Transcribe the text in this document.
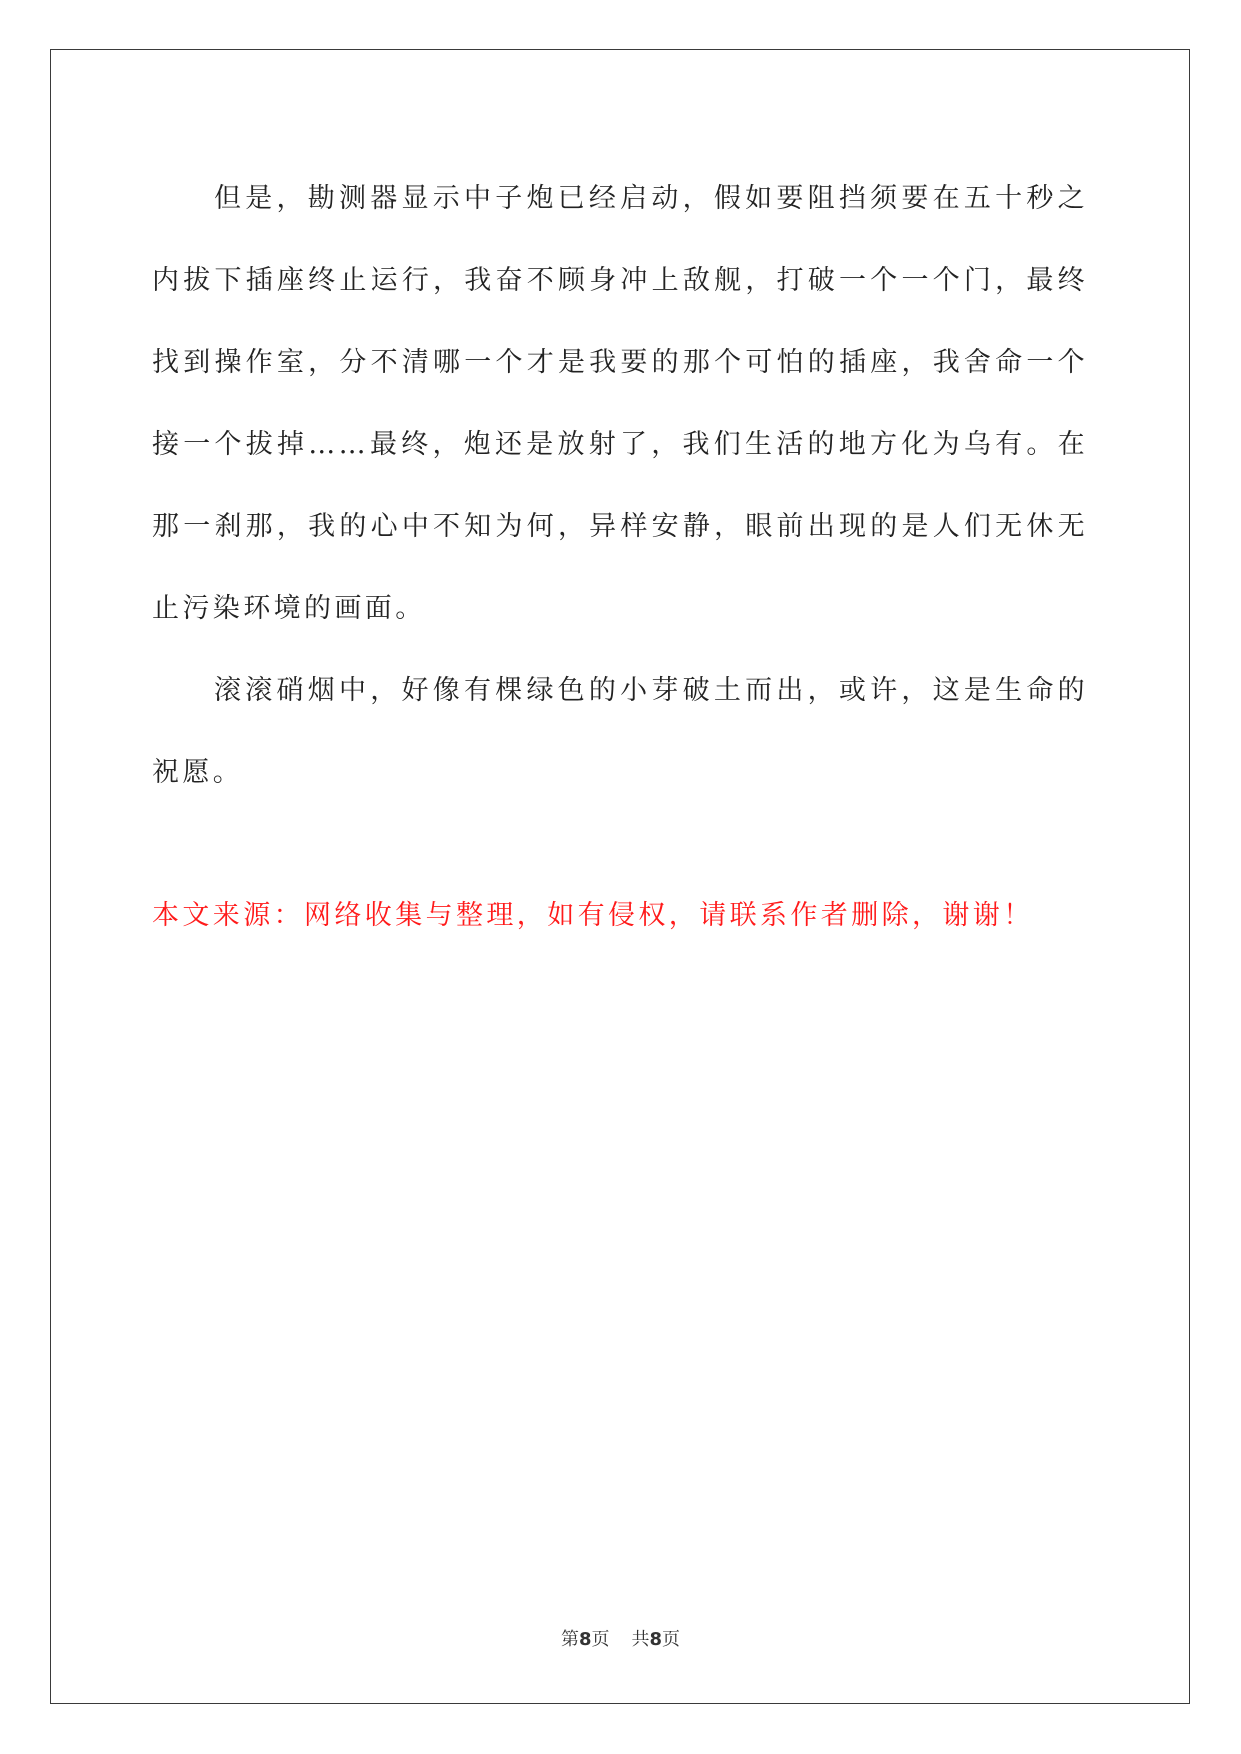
但是，勘测器显示中子炮已经启动，假如要阻挡须要在五十秒之内拔下插座终止运行，我奋不顾身冲上敌舰，打破一个一个门，最终找到操作室，分不清哪一个才是我要的那个可怕的插座，我舍命一个接一个拔掉……最终，炮还是放射了，我们生活的地方化为乌有。在那一刹那，我的心中不知为何，异样安静，眼前出现的是人们无休无止污染环境的画面。

滚滚硝烟中，好像有棵绿色的小芽破土而出，或许，这是生命的祝愿。

本文来源：网络收集与整理，如有侵权，请联系作者删除，谢谢！

第8页 共8页
